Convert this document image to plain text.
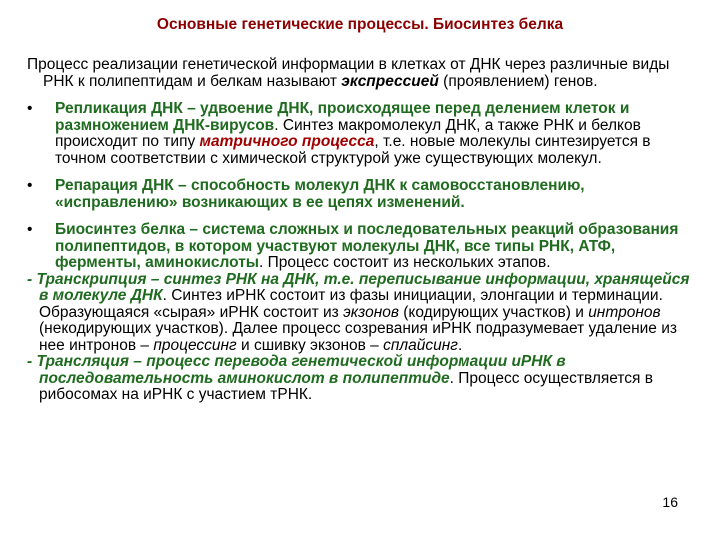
Основные генетические процессы. Биосинтез белка

Процесс реализации генетической информации в клетках от ДНК через различные виды РНК к полипептидам и белкам называют экспрессией (проявлением) генов.

•	Репликация ДНК – удвоение ДНК, происходящее перед делением клеток и размножением ДНК-вирусов. Синтез макромолекул ДНК, а также РНК и белков происходит по типу матричного процесса, т.е. новые молекулы синтезируется в точном соответствии с химической структурой уже существующих молекул.
•	Репарация ДНК – способность молекул ДНК к самовосстановлению, «исправлению» возникающих в ее цепях изменений.
•	Биосинтез белка – система сложных и последовательных реакций образования полипептидов, в котором участвуют молекулы ДНК, все типы РНК, АТФ, ферменты, аминокислоты. Процесс состоит из нескольких этапов.

- Транскрипция – синтез РНК на ДНК, т.е. переписывание информации, хранящейся в молекуле ДНК. Синтез иРНК состоит из фазы инициации, элонгации и терминации. Образующаяся «сырая» иРНК состоит из экзонов (кодирующих участков) и интронов (некодирующих участков). Далее процесс созревания иРНК подразумевает удаление из нее интронов – процессинг и сшивку экзонов – сплайсинг.

- Трансляция – процесс перевода генетической информации иРНК в последовательность аминокислот в полипептиде. Процесс осуществляется в рибосомах на иРНК с участием тРНК.

16
